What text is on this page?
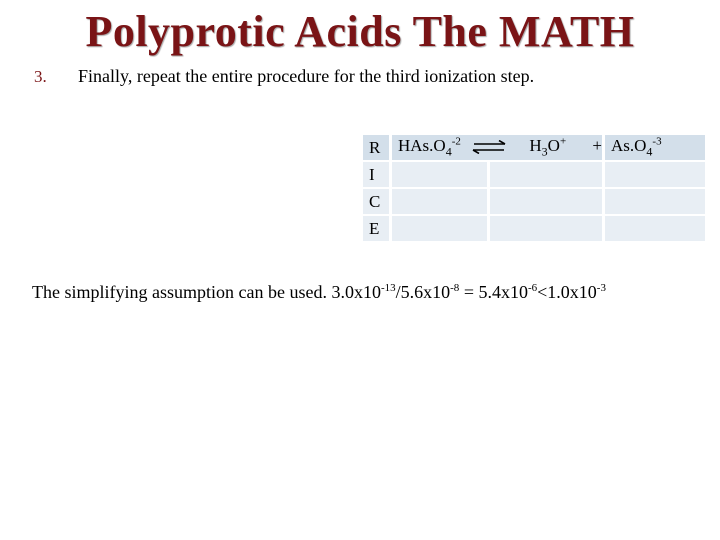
Polyprotic Acids The MATH
3. Finally, repeat the entire procedure for the third ionization step.
R	$HAs.O_4^{-2}$ ⇌ $H_3O^+$ +		$As.O_4^{-3}$
I			
C			
E			
The simplifying assumption can be used. $3.0x10^{-13}/5.6x10^{-8} = 5.4x10^{-6}<1.0x10^{-3}$
